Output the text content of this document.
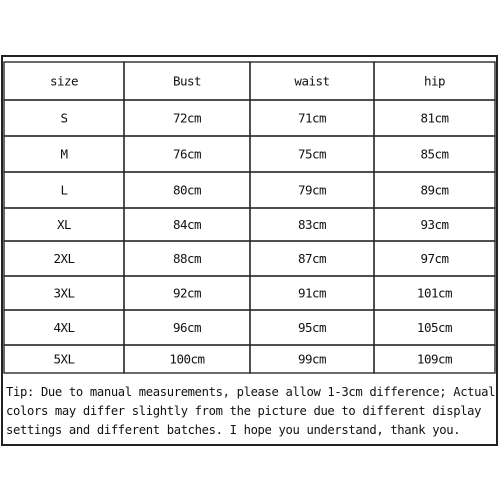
size	Bust	waist	hip
S	72cm	71cm	81cm
M	76cm	75cm	85cm
L	80cm	79cm	89cm
XL	84cm	83cm	93cm
2XL	88cm	87cm	97cm
3XL	92cm	91cm	101cm
4XL	96cm	95cm	105cm
5XL	100cm	99cm	109cm
Tip: Due to manual measurements, please allow 1-3cm difference; Actual
colors may differ slightly from the picture due to different display
settings and different batches. I hope you understand, thank you.
